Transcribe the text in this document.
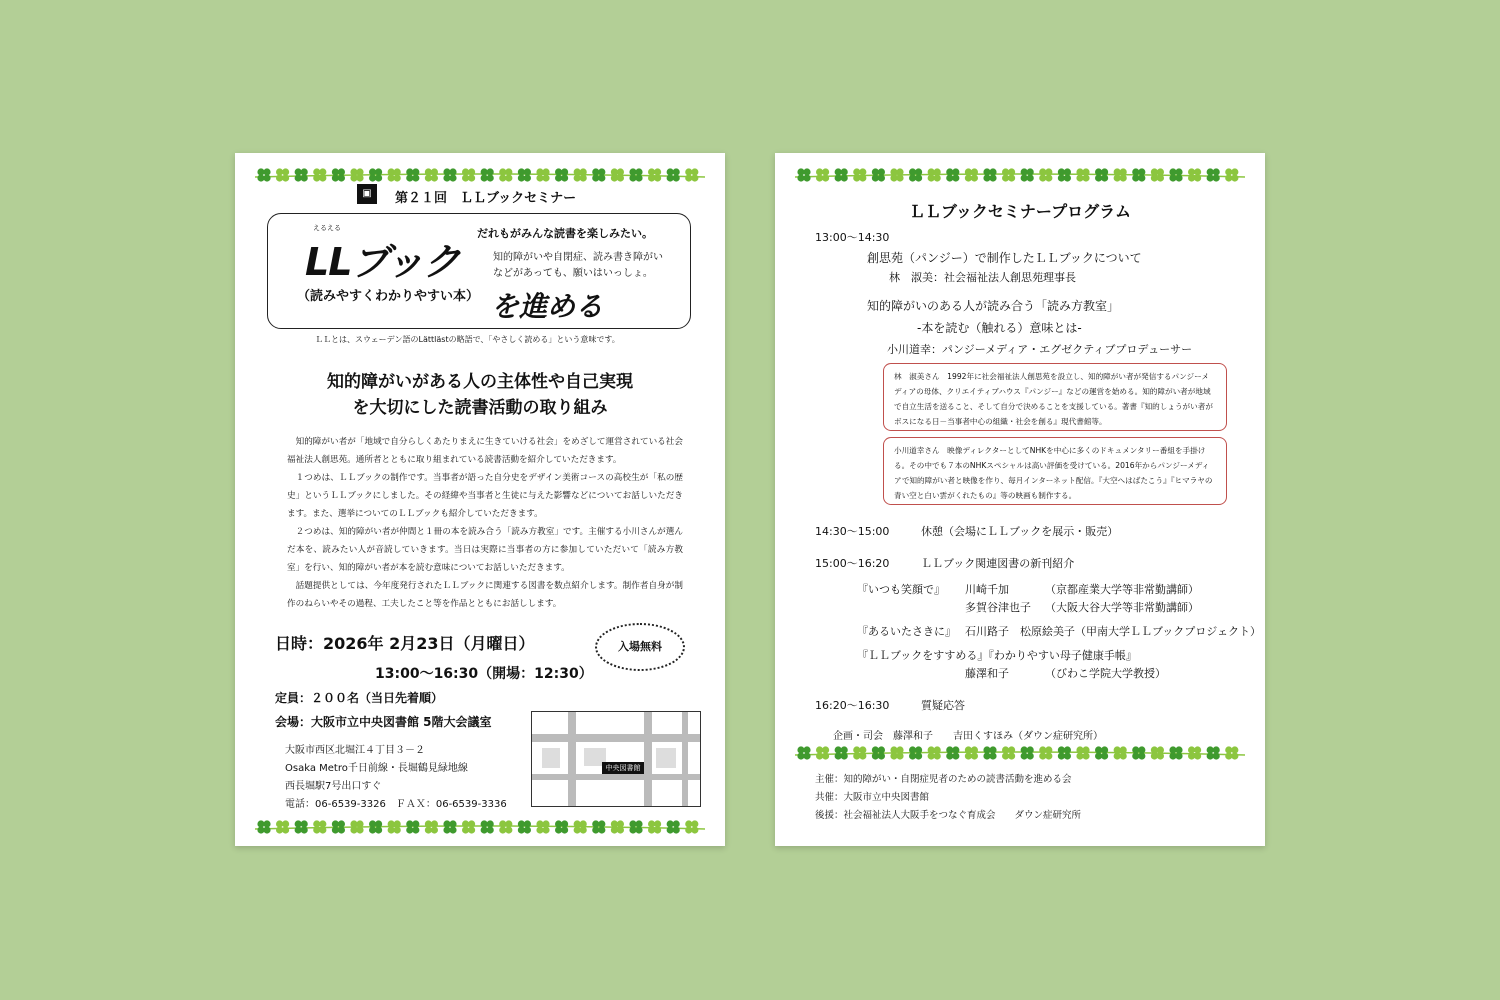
▣	第２１回　ＬＬブックセミナー
えるえる
LLブック
（読みやすくわかりやすい本）
だれもがみんな読書を楽しみたい。
知的障がいや自閉症、読み書き障がい
などがあっても、願いはいっしょ。
を進める
ＬＬとは、スウェーデン語のLättlästの略語で、「やさしく読める」という意味です。
知的障がいがある人の主体性や自己実現
を大切にした読書活動の取り組み

知的障がい者が「地域で自分らしくあたりまえに生きていける社会」をめざして運営されている社会福祉法人創思苑。通所者とともに取り組まれている読書活動を紹介していただきます。

１つめは、ＬＬブックの制作です。当事者が語った自分史をデザイン美術コースの高校生が「私の歴史」というＬＬブックにしました。その経緯や当事者と生徒に与えた影響などについてお話しいただきます。また、選挙についてのＬＬブックも紹介していただきます。

２つめは、知的障がい者が仲間と１冊の本を読み合う「読み方教室」です。主催する小川さんが選んだ本を、読みたい人が音読していきます。当日は実際に当事者の方に参加していただいて「読み方教室」を行い、知的障がい者が本を読む意味についてお話しいただきます。

話題提供としては、今年度発行されたＬＬブックに関連する図書を数点紹介します。制作者自身が制作のねらいやその過程、工夫したこと等を作品とともにお話しします。

日時：2026年 2月23日（月曜日）	入場無料
13:00〜16:30（開場：12:30）
定員：２００名（当日先着順）
会場：大阪市立中央図書館 5階大会議室
大阪市西区北堀江４丁目３－２
Osaka Metro千日前線・長堀鶴見緑地線
西長堀駅7号出口すぐ
電話：06-6539-3326　ＦＡＸ：06-6539-3336
中央図書館
ＬＬブックセミナープログラム
13:00〜14:30
創思苑（パンジー）で制作したＬＬブックについて
林　淑美：社会福祉法人創思苑理事長
知的障がいのある人が読み合う「読み方教室」
-本を読む（触れる）意味とは-
小川道幸：パンジーメディア・エグゼクティブプロデューサー
林　淑美さん　1992年に社会福祉法人創思苑を設立し、知的障がい者が発信するパンジーメディアの母体、クリエイティブハウス『パンジー』などの運営を始める。知的障がい者が地域で自立生活を送ること、そして自分で決めることを支援している。著書『知的しょうがい者がボスになる日－当事者中心の組織・社会を創る』現代書館等。
小川道幸さん　映像ディレクターとしてNHKを中心に多くのドキュメンタリー番組を手掛ける。その中でも７本のNHKスペシャルは高い評価を受けている。2016年からパンジーメディアで知的障がい者と映像を作り、毎月インターネット配信。『大空へはばたこう』『ヒマラヤの青い空と白い雲がくれたもの』等の映画も制作する。
14:30〜15:00	休憩（会場にＬＬブックを展示・販売）
15:00〜16:20	ＬＬブック関連図書の新刊紹介
『いつも笑顔で』 川崎千加	（京都産業大学等非常勤講師）
多賀谷津也子 （大阪大谷大学等非常勤講師）
『あるいたさきに』 石川路子　松原絵美子（甲南大学ＬＬブックプロジェクト）
『ＬＬブックをすすめる』『わかりやすい母子健康手帳』
藤澤和子	（びわこ学院大学教授）
16:20〜16:30	質疑応答
企画・司会　藤澤和子　　吉田くすほみ（ダウン症研究所）
主催：知的障がい・自閉症児者のための読書活動を進める会
共催：大阪市立中央図書館
後援：社会福祉法人大阪手をつなぐ育成会　　ダウン症研究所
